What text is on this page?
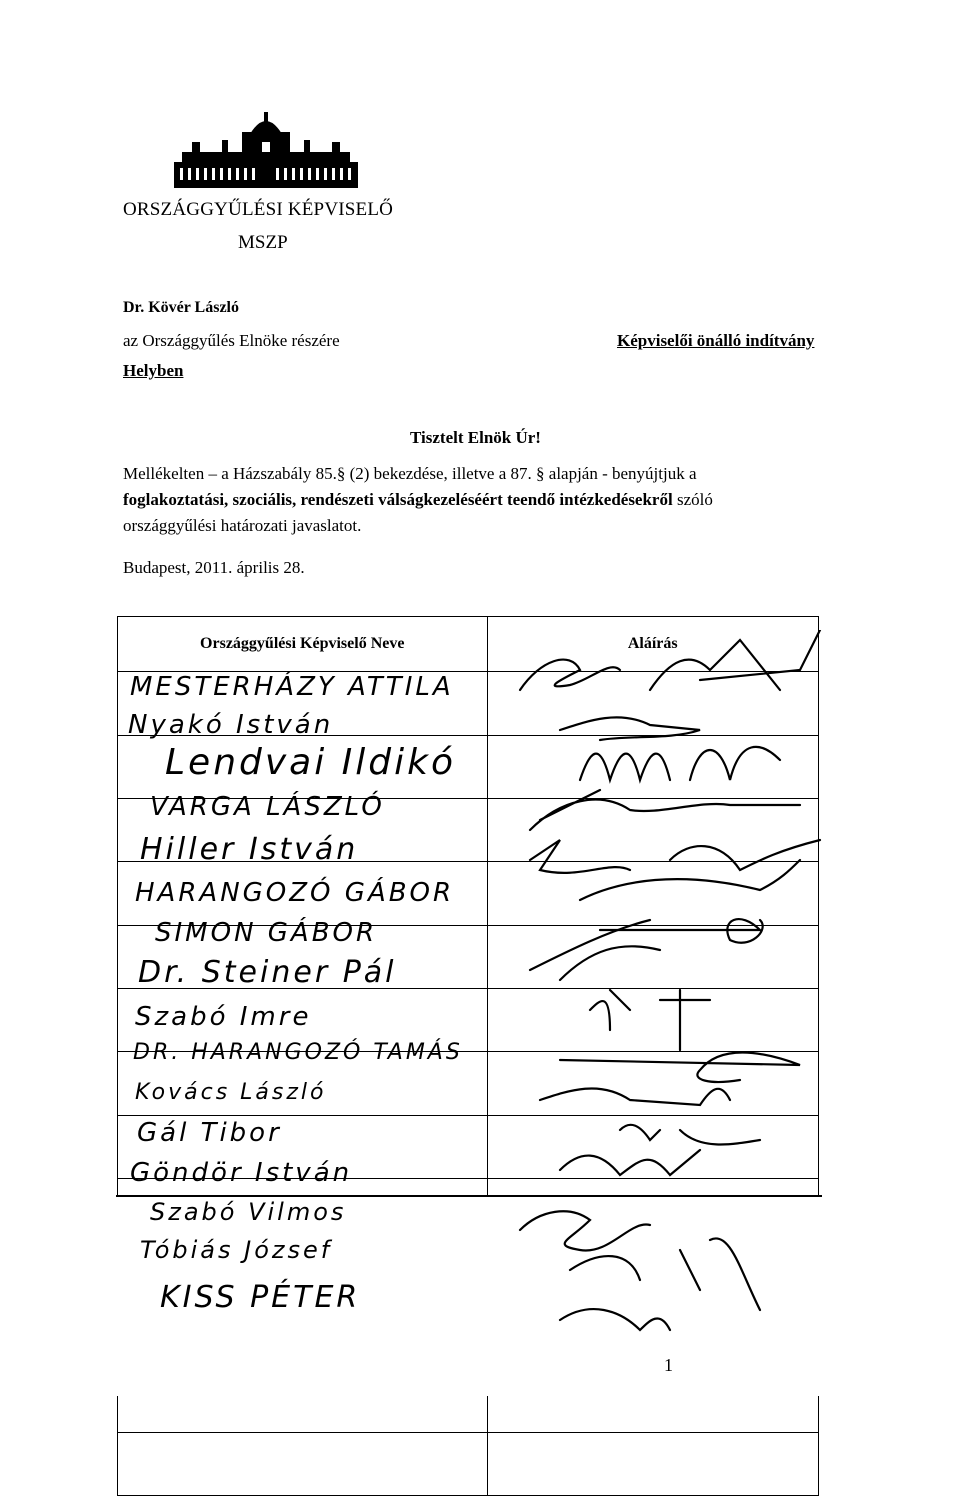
ORSZÁGGYŰLÉSI KÉPVISELŐ
MSZP
Dr. Kövér László
az Országgyűlés Elnöke részére
Helyben
Képviselői önálló indítvány
Tisztelt Elnök Úr!
Mellékelten – a Házszabály 85.§ (2) bekezdése, illetve a 87. § alapján - benyújtjuk a
foglakoztatási, szociális, rendészeti válságkezeléséért teendő intézkedésekről szóló
országgyűlési határozati javaslatot.
Budapest, 2011. április 28.
Országgyűlési Képviselő Neve	Aláírás

MESTERHÁZY ATTILA
Nyakó István
Lendvai Ildikó
VARGA LÁSZLÓ
Hiller István
HARANGOZÓ GÁBOR
SIMON GÁBOR
Dr. Steiner Pál
Szabó Imre
DR. HARANGOZÓ TAMÁS
Kovács László
Gál Tibor
Göndör István
Szabó Vilmos
Tóbiás József
KISS PÉTER
1
